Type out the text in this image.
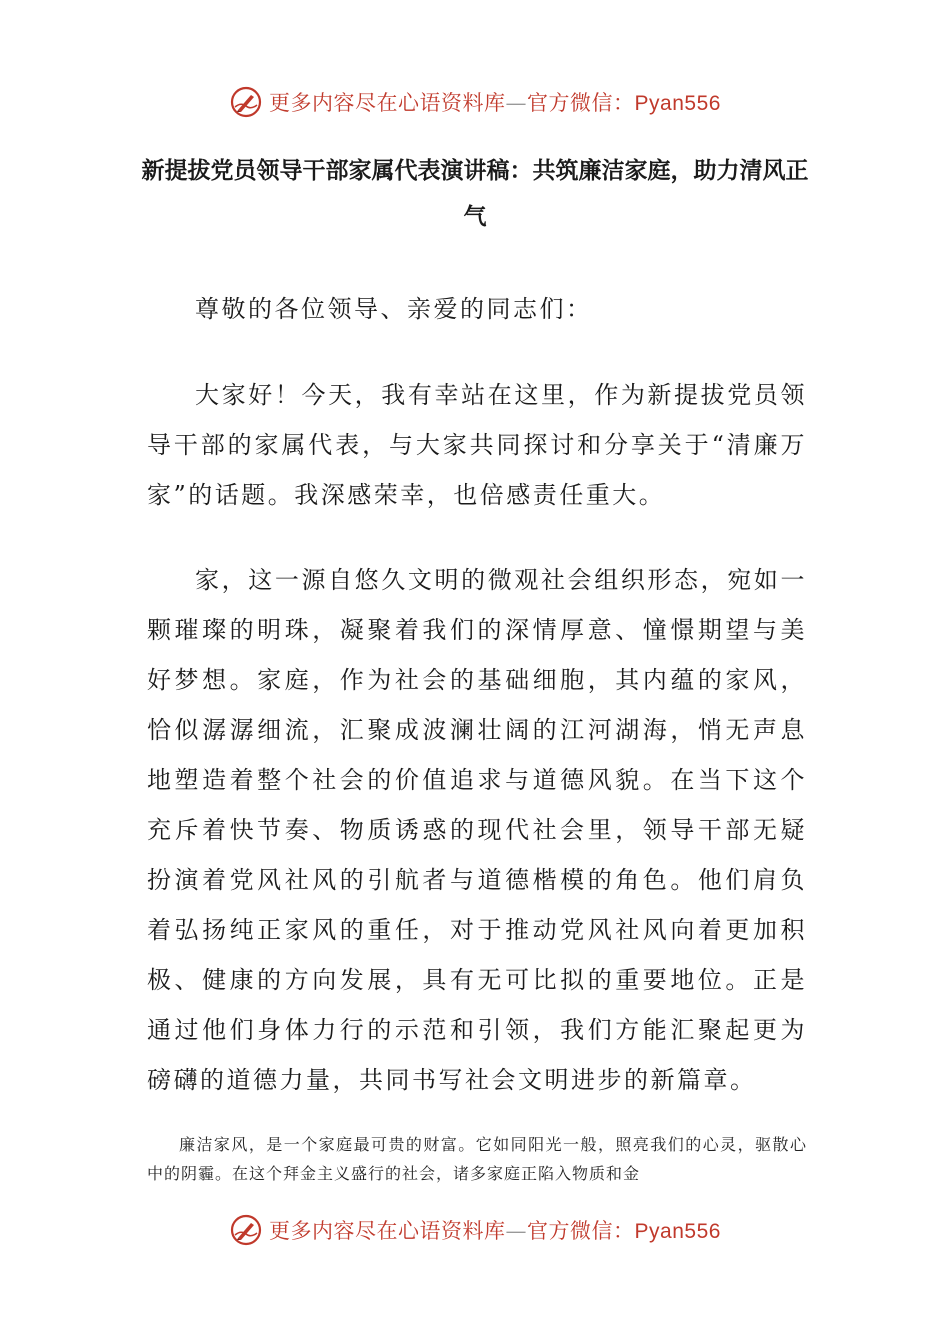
更多内容尽在心语资料库—官方微信：Pyan556
新提拔党员领导干部家属代表演讲稿：共筑廉洁家庭，助力清风正气
尊敬的各位领导、亲爱的同志们：
大家好！今天，我有幸站在这里，作为新提拔党员领导干部的家属代表，与大家共同探讨和分享关于“清廉万家”的话题。我深感荣幸，也倍感责任重大。
家，这一源自悠久文明的微观社会组织形态，宛如一颗璀璨的明珠，凝聚着我们的深情厚意、憧憬期望与美好梦想。家庭，作为社会的基础细胞，其内蕴的家风，恰似潺潺细流，汇聚成波澜壮阔的江河湖海，悄无声息地塑造着整个社会的价值追求与道德风貌。在当下这个充斥着快节奏、物质诱惑的现代社会里，领导干部无疑扮演着党风社风的引航者与道德楷模的角色。他们肩负着弘扬纯正家风的重任，对于推动党风社风向着更加积极、健康的方向发展，具有无可比拟的重要地位。正是通过他们身体力行的示范和引领，我们方能汇聚起更为磅礴的道德力量，共同书写社会文明进步的新篇章。
廉洁家风，是一个家庭最可贵的财富。它如同阳光一般，照亮我们的心灵，驱散心中的阴霾。在这个拜金主义盛行的社会，诸多家庭正陷入物质和金
更多内容尽在心语资料库—官方微信：Pyan556
